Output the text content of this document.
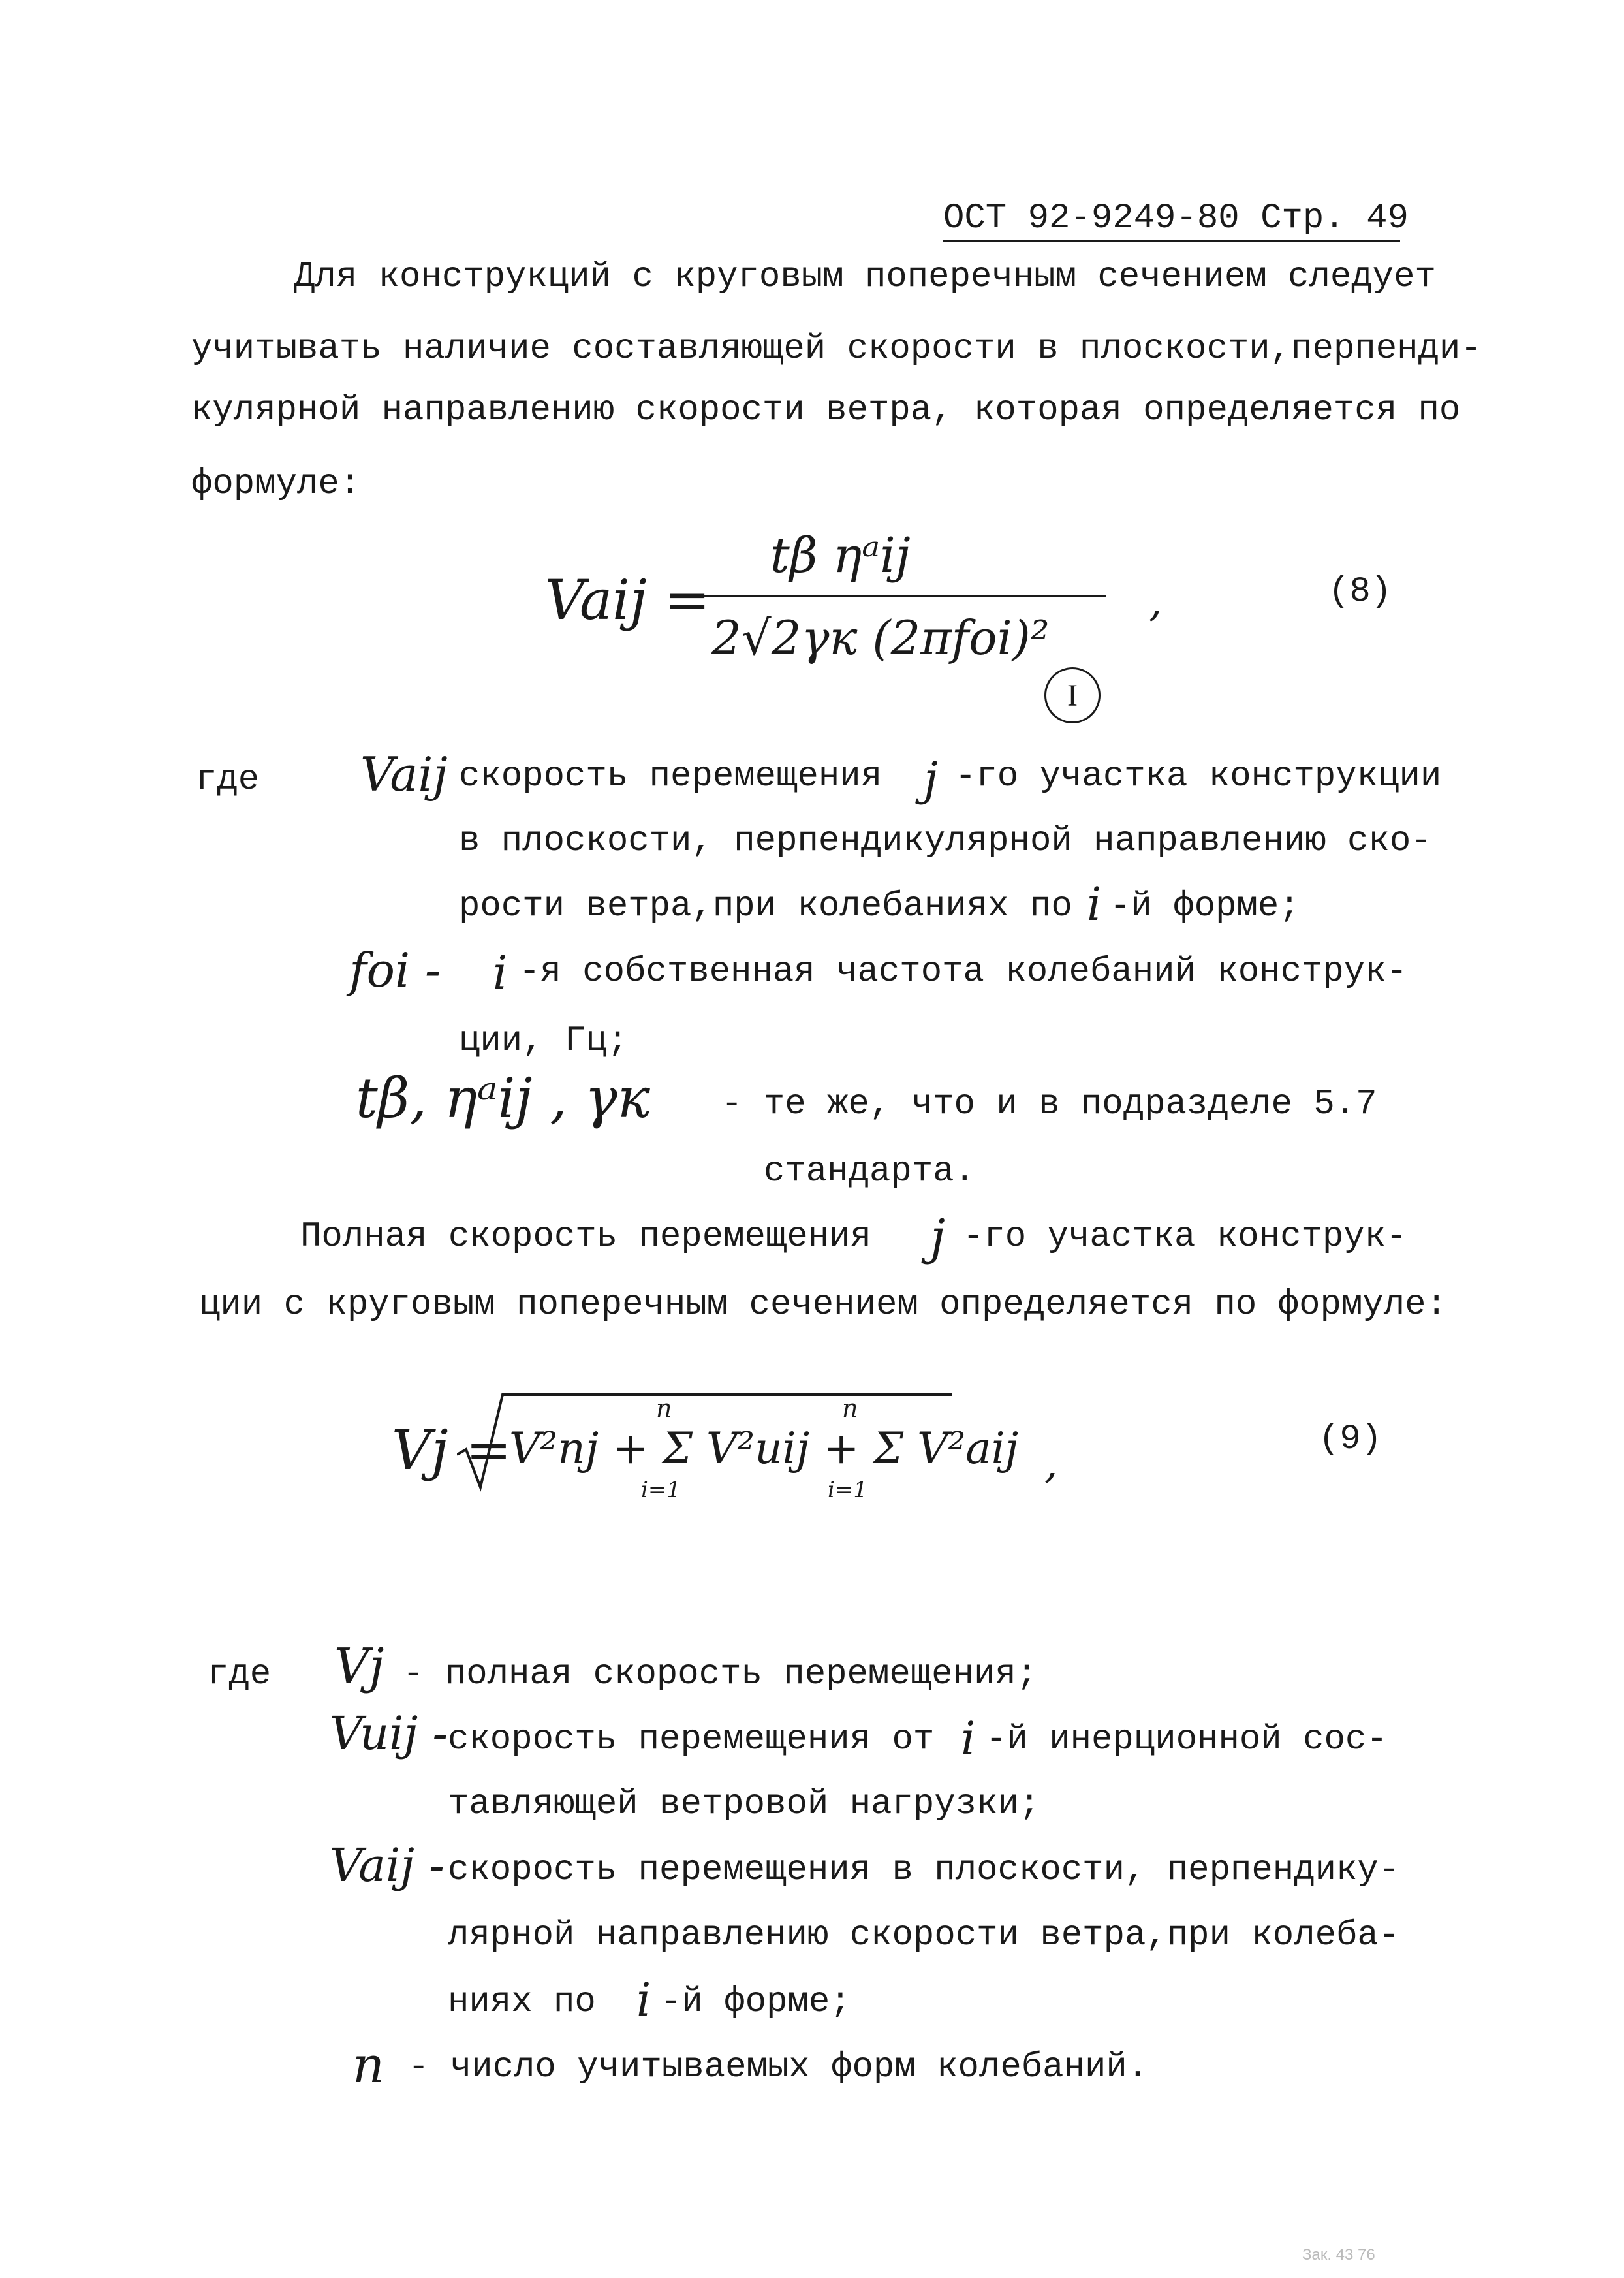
ОСТ 92-9249-80 Стр. 49
Для конструкций с круговым поперечным сечением следует
учитывать наличие составляющей скорости в плоскости,перпенди-
кулярной направлению скорости ветра, которая определяется по
формуле:
Vaij =
tβ ηᵃij
2√2γк (2πfoi)²
,	(8)
I
где Vaij скорость перемещения j -го участка конструкции
в плоскости, перпендикулярной направлению ско-
рости ветра,при колебаниях по i -й форме;
foi - i -я собственная частота колебаний конструк-
ции, Гц;
tβ, ηᵃij , γк - те же, что и в подразделе 5.7
стандарта.
Полная скорость перемещения j -го участка конструк-
ции с круговым поперечным сечением определяется по формуле:
Vj =
V²nj + Σ V²uij + Σ V²aij
n
i=1
n
i=1
,
(9)
где Vj - полная скорость перемещения;
Vuij - скорость перемещения от i -й инерционной сос-
тавляющей ветровой нагрузки;
Vaij - скорость перемещения в плоскости, перпендику-
лярной направлению скорости ветра,при колеба-
ниях по i -й форме;
n - число учитываемых форм колебаний.
Зак. 43 76
